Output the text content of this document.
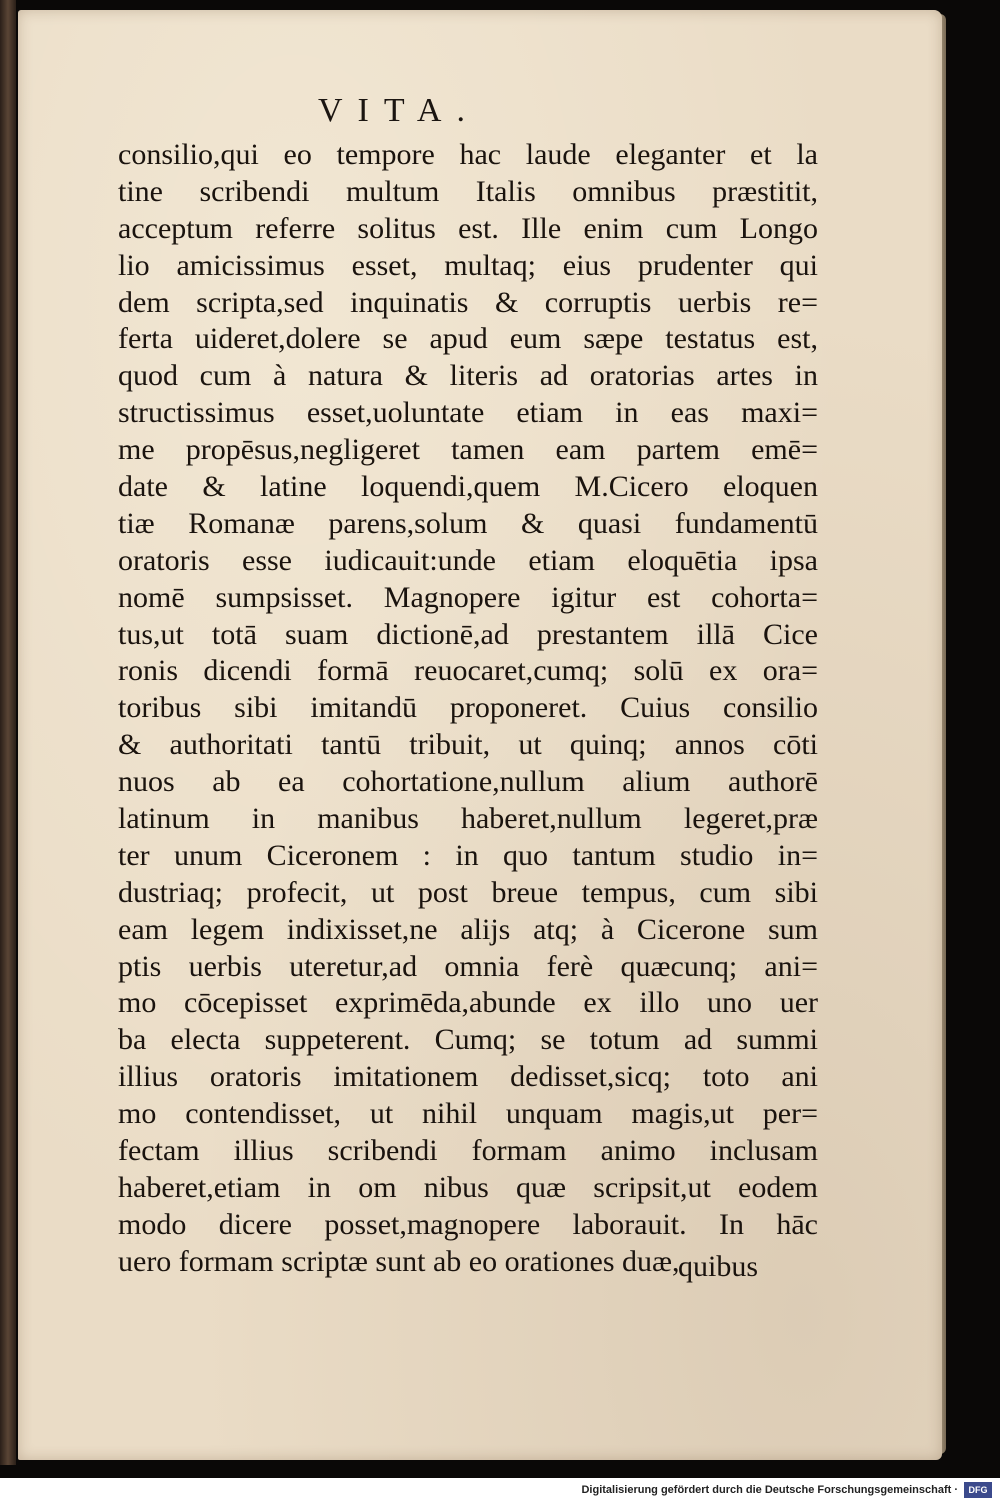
VITA.
consilio,qui eo tempore hac laude eleganter et la
tine scribendi multum Italis omnibus præstitit,
acceptum referre solitus est. Ille enim cum Longo
lio amicissimus esset, multaq; eius prudenter qui
dem scripta,sed inquinatis & corruptis uerbis re=
ferta uideret,dolere se apud eum sæpe testatus est,
quod cum à natura & literis ad oratorias artes in
structissimus esset,uoluntate etiam in eas maxi=
me propēsus,negligeret tamen eam partem emē=
date & latine loquendi,quem M.Cicero eloquen
tiæ Romanæ parens,solum & quasi fundamentū
oratoris esse iudicauit:unde etiam eloquētia ipsa
nomē sumpsisset. Magnopere igitur est cohorta=
tus,ut totā suam dictionē,ad prestantem illā Cice
ronis dicendi formā reuocaret,cumq; solū ex ora=
toribus sibi imitandū proponeret. Cuius consilio
& authoritati tantū tribuit, ut quinq; annos cōti
nuos ab ea cohortatione,nullum alium authorē
latinum in manibus haberet,nullum legeret,præ
ter unum Ciceronem : in quo tantum studio in=
dustriaq; profecit, ut post breue tempus, cum sibi
eam legem indixisset,ne alijs atq; à Cicerone sum
ptis uerbis uteretur,ad omnia ferè quæcunq; ani=
mo cōcepisset exprimēda,abunde ex illo uno uer
ba electa suppeterent. Cumq; se totum ad summi
illius oratoris imitationem dedisset,sicq; toto ani
mo contendisset, ut nihil unquam magis,ut per=
fectam illius scribendi formam animo inclusam
haberet,etiam in om nibus quæ scripsit,ut eodem
modo dicere posset,magnopere laborauit. In hāc
uero formam scriptæ sunt ab eo orationes duæ,
quibus
Digitalisierung gefördert durch die Deutsche Forschungsgemeinschaft ·	DFG
